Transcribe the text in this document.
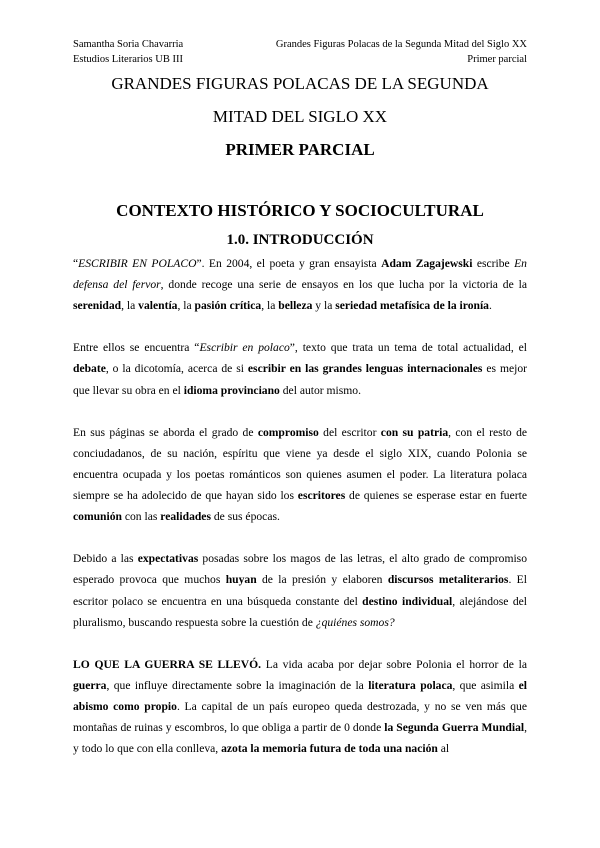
Samantha Soria Chavarria
Estudios Literarios UB III
Grandes Figuras Polacas de la Segunda Mitad del Siglo XX
Primer parcial
GRANDES FIGURAS POLACAS DE LA SEGUNDA
MITAD DEL SIGLO XX
PRIMER PARCIAL
CONTEXTO HISTÓRICO Y SOCIOCULTURAL
1.0. INTRODUCCIÓN

“ESCRIBIR EN POLACO”. En 2004, el poeta y gran ensayista Adam Zagajewski escribe En defensa del fervor, donde recoge una serie de ensayos en los que lucha por la victoria de la serenidad, la valentía, la pasión crítica, la belleza y la seriedad metafísica de la ironía.

Entre ellos se encuentra “Escribir en polaco”, texto que trata un tema de total actualidad, el debate, o la dicotomía, acerca de si escribir en las grandes lenguas internacionales es mejor que llevar su obra en el idioma provinciano del autor mismo.

En sus páginas se aborda el grado de compromiso del escritor con su patria, con el resto de conciudadanos, de su nación, espíritu que viene ya desde el siglo XIX, cuando Polonia se encuentra ocupada y los poetas románticos son quienes asumen el poder. La literatura polaca siempre se ha adolecido de que hayan sido los escritores de quienes se esperase estar en fuerte comunión con las realidades de sus épocas.

Debido a las expectativas posadas sobre los magos de las letras, el alto grado de compromiso esperado provoca que muchos huyan de la presión y elaboren discursos metaliterarios. El escritor polaco se encuentra en una búsqueda constante del destino individual, alejándose del pluralismo, buscando respuesta sobre la cuestión de ¿quiénes somos?

LO QUE LA GUERRA SE LLEVÓ. La vida acaba por dejar sobre Polonia el horror de la guerra, que influye directamente sobre la imaginación de la literatura polaca, que asimila el abismo como propio. La capital de un país europeo queda destrozada, y no se ven más que montañas de ruinas y escombros, lo que obliga a partir de 0 donde la Segunda Guerra Mundial, y todo lo que con ella conlleva, azota la memoria futura de toda una nación al
